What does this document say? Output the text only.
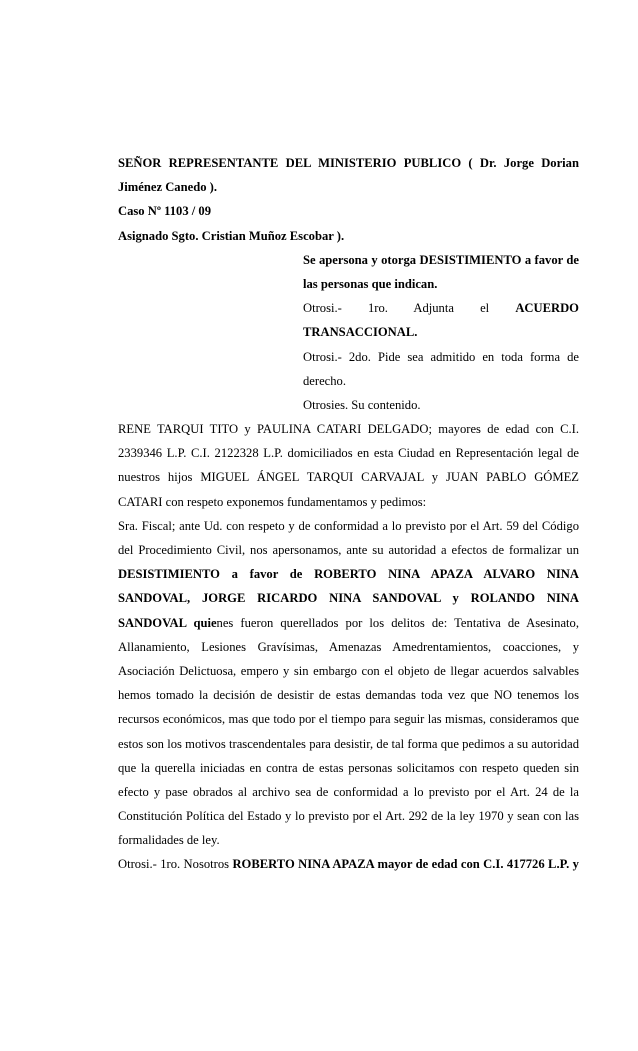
SEÑOR REPRESENTANTE DEL MINISTERIO PUBLICO ( Dr. Jorge Dorian
Jiménez Canedo ).
Caso Nº 1103 / 09
Asignado Sgto. Cristian Muñoz Escobar ).
Se apersona y otorga DESISTIMIENTO a favor de
las personas que indican.
Otrosi.- 1ro. Adjunta el ACUERDO
TRANSACCIONAL.
Otrosi.- 2do. Pide sea admitido en toda forma de
derecho.
Otrosies. Su contenido.
RENE TARQUI TITO y PAULINA CATARI DELGADO; mayores de edad con C.I.
2339346 L.P. C.I. 2122328 L.P. domiciliados en esta Ciudad en Representación legal de
nuestros hijos MIGUEL ÁNGEL TARQUI CARVAJAL y JUAN PABLO GÓMEZ
CATARI con respeto exponemos fundamentamos y pedimos:
Sra. Fiscal; ante Ud. con respeto y de conformidad a lo previsto por el Art. 59 del Código
del Procedimiento Civil, nos apersonamos, ante su autoridad a efectos de formalizar un
DESISTIMIENTO a favor de ROBERTO NINA APAZA ALVARO NINA
SANDOVAL, JORGE RICARDO NINA SANDOVAL y ROLANDO NINA
SANDOVAL quienes fueron querellados por los delitos de: Tentativa de Asesinato,
Allanamiento, Lesiones Gravísimas, Amenazas Amedrentamientos, coacciones, y
Asociación Delictuosa, empero y sin embargo con el objeto de llegar acuerdos salvables
hemos tomado la decisión de desistir de estas demandas toda vez que NO tenemos los
recursos económicos, mas que todo por el tiempo para seguir las mismas, consideramos que
estos son los motivos trascendentales para desistir, de tal forma que pedimos a su autoridad
que la querella iniciadas en contra de estas personas solicitamos con respeto queden sin
efecto y pase obrados al archivo sea de conformidad a lo previsto por el Art. 24 de la
Constitución Política del Estado y lo previsto por el Art. 292 de la ley 1970 y sean con las
formalidades de ley.
Otrosi.- 1ro. Nosotros ROBERTO NINA APAZA mayor de edad con C.I. 417726 L.P. y
